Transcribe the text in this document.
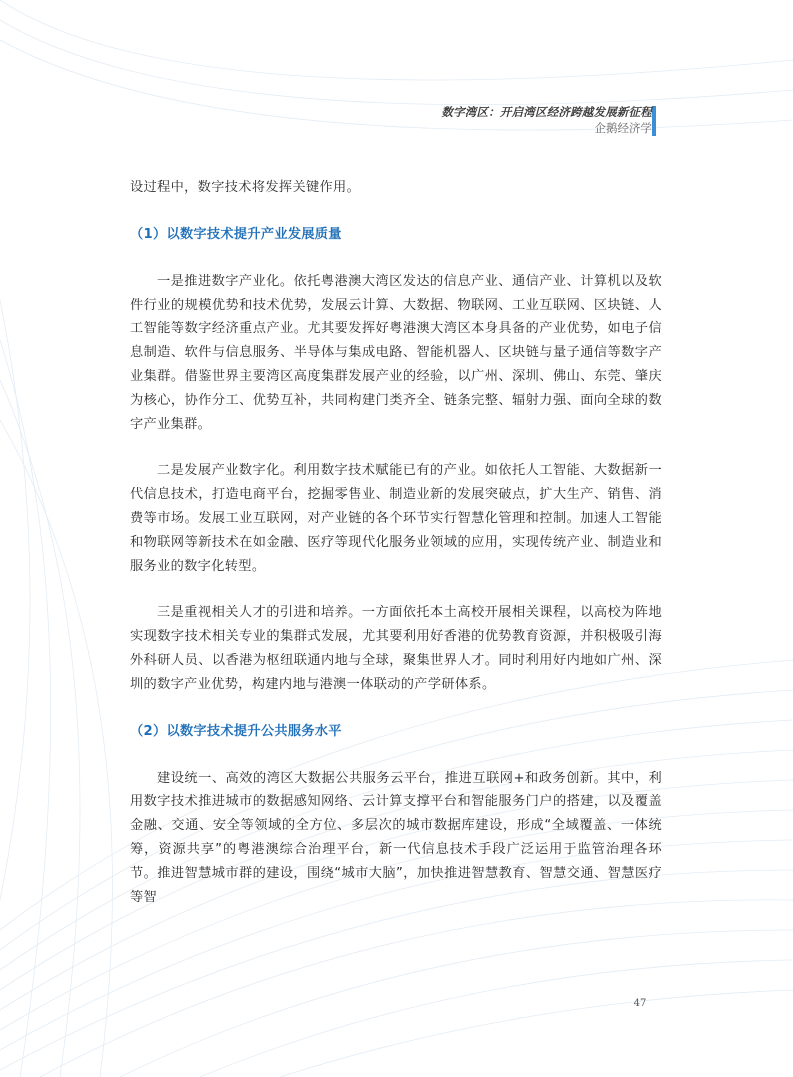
数字湾区：开启湾区经济跨越发展新征程
企鹅经济学

设过程中，数字技术将发挥关键作用。

（1）以数字技术提升产业发展质量

一是推进数字产业化。依托粤港澳大湾区发达的信息产业、通信产业、计算机以及软件行业的规模优势和技术优势，发展云计算、大数据、物联网、工业互联网、区块链、人工智能等数字经济重点产业。尤其要发挥好粤港澳大湾区本身具备的产业优势，如电子信息制造、软件与信息服务、半导体与集成电路、智能机器人、区块链与量子通信等数字产业集群。借鉴世界主要湾区高度集群发展产业的经验，以广州、深圳、佛山、东莞、肇庆为核心，协作分工、优势互补，共同构建门类齐全、链条完整、辐射力强、面向全球的数字产业集群。

二是发展产业数字化。利用数字技术赋能已有的产业。如依托人工智能、大数据新一代信息技术，打造电商平台，挖掘零售业、制造业新的发展突破点，扩大生产、销售、消费等市场。发展工业互联网，对产业链的各个环节实行智慧化管理和控制。加速人工智能和物联网等新技术在如金融、医疗等现代化服务业领域的应用，实现传统产业、制造业和服务业的数字化转型。

三是重视相关人才的引进和培养。一方面依托本土高校开展相关课程，以高校为阵地实现数字技术相关专业的集群式发展，尤其要利用好香港的优势教育资源，并积极吸引海外科研人员、以香港为枢纽联通内地与全球，聚集世界人才。同时利用好内地如广州、深圳的数字产业优势，构建内地与港澳一体联动的产学研体系。

（2）以数字技术提升公共服务水平

建设统一、高效的湾区大数据公共服务云平台，推进互联网+和政务创新。其中，利用数字技术推进城市的数据感知网络、云计算支撑平台和智能服务门户的搭建，以及覆盖金融、交通、安全等领域的全方位、多层次的城市数据库建设，形成“全域覆盖、一体统筹，资源共享”的粤港澳综合治理平台，新一代信息技术手段广泛运用于监管治理各环节。推进智慧城市群的建设，围绕“城市大脑”，加快推进智慧教育、智慧交通、智慧医疗等智

47
